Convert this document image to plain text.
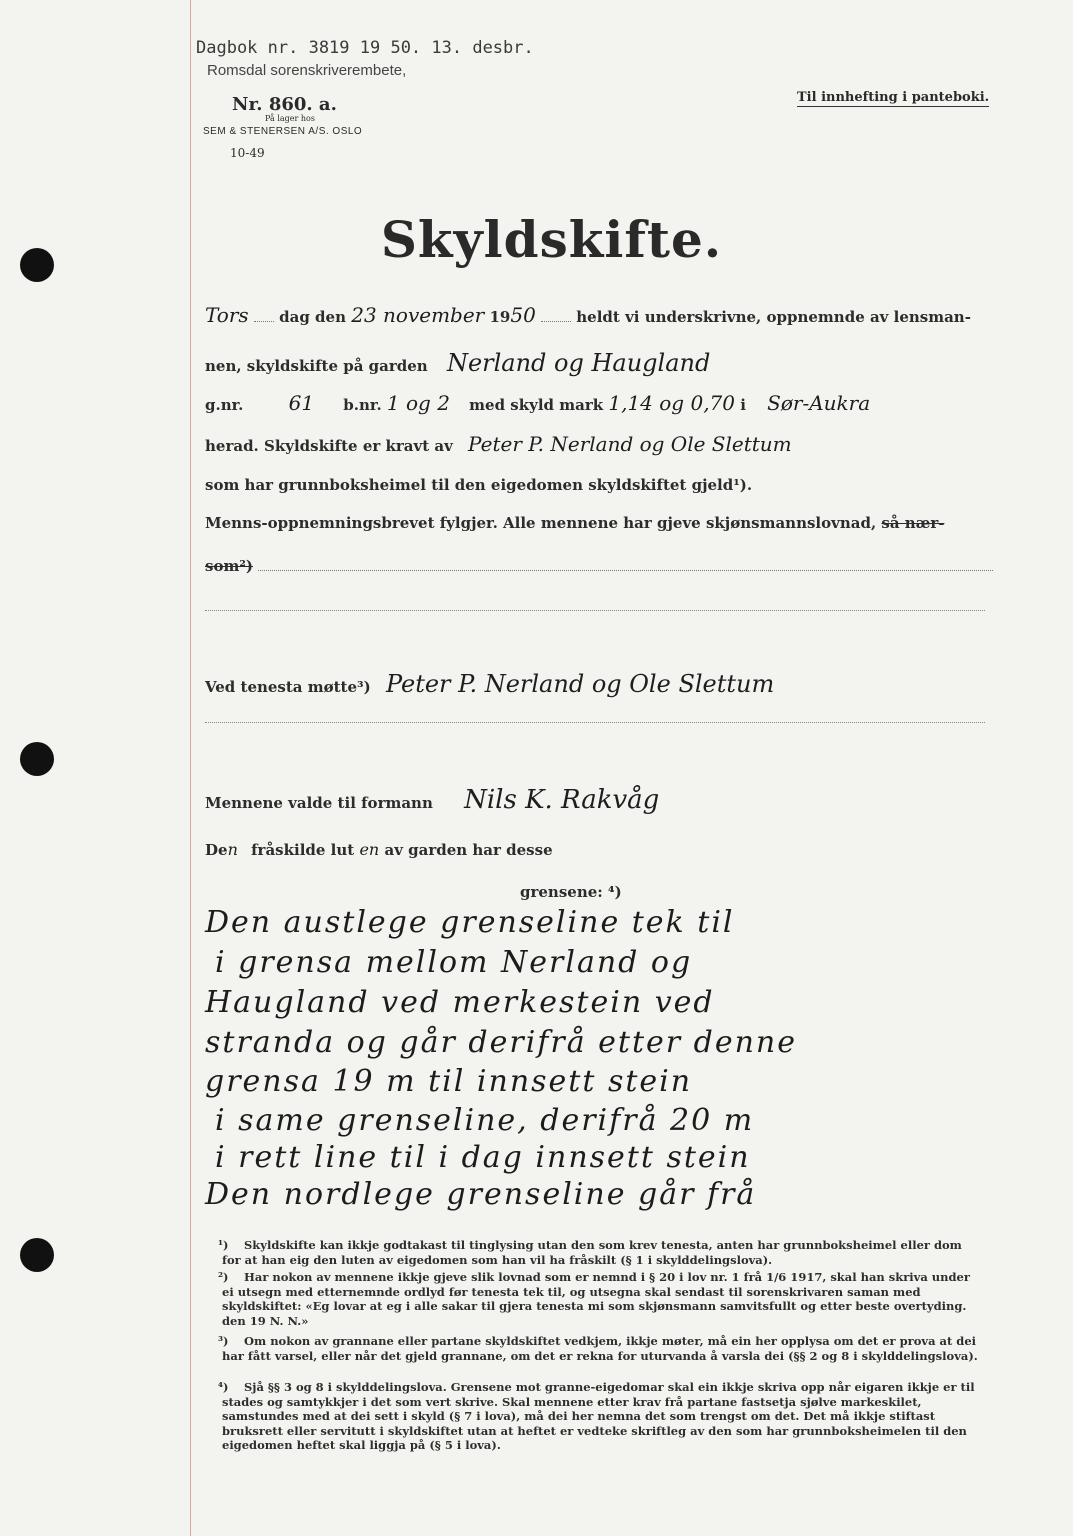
Dagbok nr. 3819 19 50. 13. desbr.
Romsdal sorenskriverembete,
Nr. 860. a.
På lager hos
SEM & STENERSEN A/S. OSLO
10-49
Til innhefting i panteboki.
Skyldskifte.
Tors dag den 23 november 1950	heldt vi underskrivne, oppnemnde av lensman-
nen, skyldskifte på garden Nerland og Haugland
g.nr. 61 b.nr. 1 og 2 med skyld mark 1,14 og 0,70 i Sør-Aukra
herad. Skyldskifte er kravt av Peter P. Nerland og Ole Slettum
som har grunnboksheimel til den eigedomen skyldskiftet gjeld¹).
Menns-oppnemningsbrevet fylgjer. Alle mennene har gjeve skjønsmannslovnad, så nær-
som²)
Ved tenesta møtte³) Peter P. Nerland og Ole Slettum
Mennene valde til formann Nils K. Rakvåg
Den fråskilde lut en av garden har desse
grensene: ⁴)
Den austlege grenseline tek til
i grensa mellom Nerland og
Haugland ved merkestein ved
stranda og går derifrå etter denne
grensa 19 m til innsett stein
i same grenseline, derifrå 20 m
i rett line til i dag innsett stein
Den nordlege grenseline går frå
¹) Skyldskifte kan ikkje godtakast til tinglysing utan den som krev tenesta, anten har grunnboksheimel eller dom for at han eig den luten av eigedomen som han vil ha fråskilt (§ 1 i skylddelingslova).
²) Har nokon av mennene ikkje gjeve slik lovnad som er nemnd i § 20 i lov nr. 1 frå 1/6 1917, skal han skriva under ei utsegn med etternemnde ordlyd før tenesta tek til, og utsegna skal sendast til sorenskrivaren saman med skyldskiftet: «Eg lovar at eg i alle sakar til gjera tenesta mi som skjønsmann samvitsfullt og etter beste overtyding. den 19 N. N.»
³) Om nokon av grannane eller partane skyldskiftet vedkjem, ikkje møter, må ein her opplysa om det er prova at dei har fått varsel, eller når det gjeld grannane, om det er rekna for uturvanda å varsla dei (§§ 2 og 8 i skylddelingslova).
⁴) Sjå §§ 3 og 8 i skylddelingslova. Grensene mot granne-eigedomar skal ein ikkje skriva opp når eigaren ikkje er til stades og samtykkjer i det som vert skrive. Skal mennene etter krav frå partane fastsetja sjølve markeskilet, samstundes med at dei sett i skyld (§ 7 i lova), må dei her nemna det som trengst om det. Det må ikkje stiftast bruksrett eller servitutt i skyldskiftet utan at heftet er vedteke skriftleg av den som har grunnboksheimelen til den eigedomen heftet skal liggja på (§ 5 i lova).
